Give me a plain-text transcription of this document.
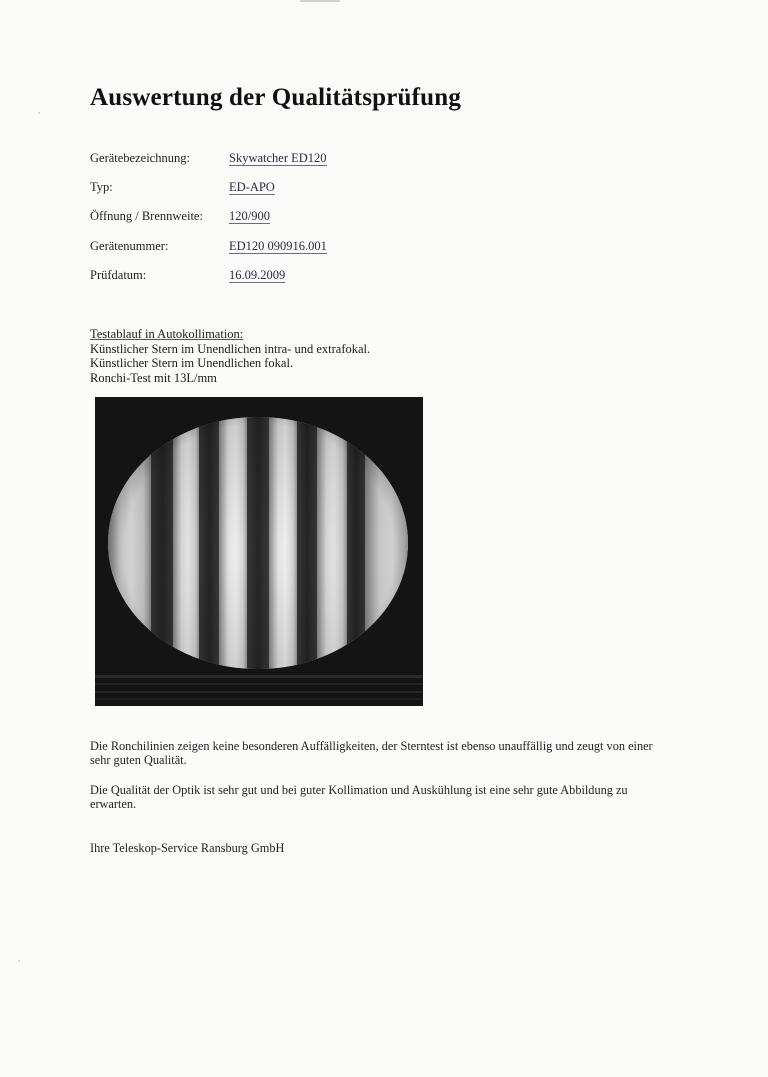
Auswertung der Qualitätsprüfung
Gerätebezeichnung:	Skywatcher ED120
Typ:	ED-APO
Öffnung / Brennweite: 120/900
Gerätenummer:	ED120 090916.001
Prüfdatum:	16.09.2009
Testablauf in Autokollimation:
Künstlicher Stern im Unendlichen intra- und extrafokal.
Künstlicher Stern im Unendlichen fokal.
Ronchi-Test mit 13L/mm

Die Ronchilinien zeigen keine besonderen Auffälligkeiten, der Sterntest ist ebenso unauffällig und zeugt von einer sehr guten Qualität.

Die Qualität der Optik ist sehr gut und bei guter Kollimation und Auskühlung ist eine sehr gute Abbildung zu erwarten.

Ihre Teleskop-Service Ransburg GmbH
